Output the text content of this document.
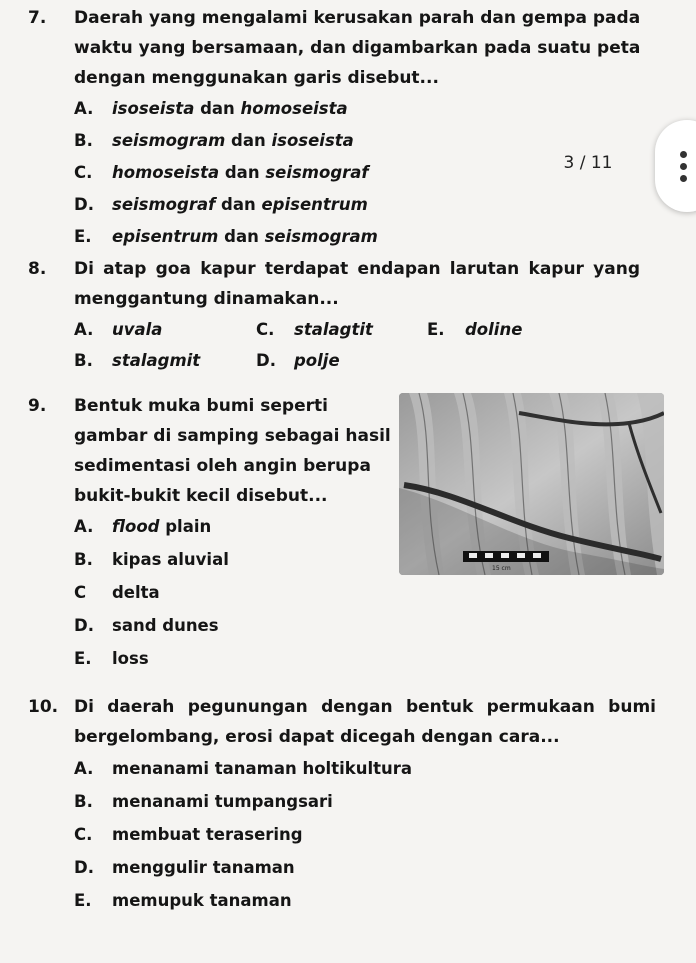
7. Daerah yang mengalami kerusakan parah dan gempa pada
waktu yang bersamaan, dan digambarkan pada suatu peta
dengan menggunakan garis disebut...
A. isoseista dan homoseista
B. seismogram dan isoseista
C. homoseista dan seismograf
D. seismograf dan episentrum
E. episentrum dan seismogram
8. Di atap goa kapur terdapat endapan larutan kapur yang
menggantung dinamakan...
A. uvala	C. stalagtit	E. doline
B. stalagmit	D. polje
9. Bentuk muka bumi seperti
gambar di samping sebagai hasil
sedimentasi oleh angin berupa
bukit-bukit kecil disebut...
A. flood plain
B. kipas aluvial
C delta
D. sand dunes
E. loss
15 cm
10. Di daerah pegunungan dengan bentuk permukaan bumi
bergelombang, erosi dapat dicegah dengan cara...
A. menanami tanaman holtikultura
B. menanami tumpangsari
C. membuat terasering
D. menggulir tanaman
E. memupuk tanaman
3 / 11
